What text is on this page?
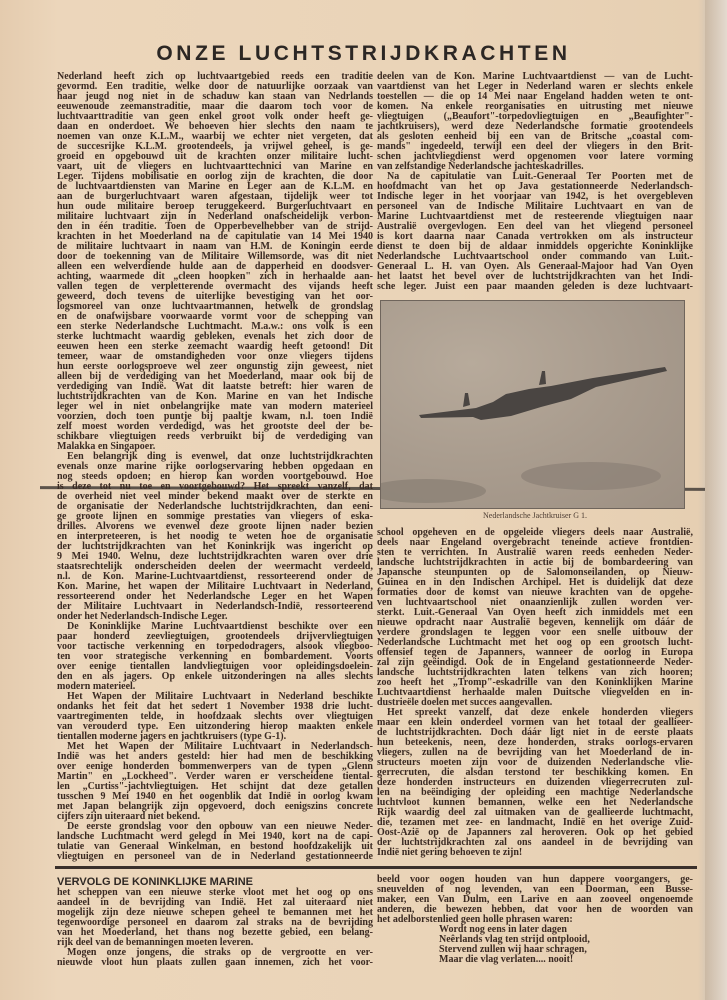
ONZE LUCHTSTRIJDKRACHTEN
Nederland heeft zich op luchtvaartgebied reeds een traditie
gevormd. Een traditie, welke door de natuurlijke oorzaak van
haar jeugd nog niet in de schaduw kan staan van Nedrlands
eeuwenoude zeemanstraditie, maar die daarom toch voor de
luchtvaarttraditie van geen enkel groot volk onder heeft ge-
daan en onderdoet. We behoeven hier slechts den naam te
noemen van onze K.L.M., waarbij we echter niet vergeten, dat
de succesrijke K.L.M. grootendeels, ja vrijwel geheel, is ge-
groeid en opgebouwd uit de krachten onzer militaire lucht-
vaart, uit de vliegers en luchtvaarttechnici van Marine en
Leger. Tijdens mobilisatie en oorlog zijn de krachten, die door
de luchtvaartdiensten van Marine en Leger aan de K.L.M. en
aan de burgerluchtvaart waren afgestaan, tijdelijk weer tot
hun oude militaire beroep teruggekeerd. Burgerluchtvaart en
militaire luchtvaart zijn in Nederland onafscheidelijk verbon-
den in één traditie. Toen de Opperbevelhebber van de strijd-
krachten in het Moederland na de capitulatie van 14 Mei 1940
de militaire luchtvaart in naam van H.M. de Koningin eerde
door de toekenning van de Militaire Willemsorde, was dit niet
alleen een welverdiende hulde aan de dapperheid en doodsver-
achting, waarmede dit „cleen hoopken" zich in herhaalde aan-
vallen tegen de verpletterende overmacht des vijands heeft
geweerd, doch tevens de uiterlijke bevestiging van het oor-
logsmoreel van onze luchtvaartmannen, hetwelk de grondslag
en de onafwijsbare voorwaarde vormt voor de schepping van
een sterke Nederlandsche Luchtmacht. M.a.w.: ons volk is een
sterke luchtmacht waardig gebleken, evenals het zich door de
eeuwen heen een sterke zeemacht waardig heeft getoond! Dit
temeer, waar de omstandigheden voor onze vliegers tijdens
hun eerste oorlogsproeve wel zeer ongunstig zijn geweest, niet
alleen bij de verdediging van het Moederland, maar ook bij de
verdediging van Indië. Wat dit laatste betreft: hier waren de
luchtstrijdkrachten van de Kon. Marine en van het Indische
leger wel in niet onbelangrijke mate van modern materieel
voorzien, doch toen puntje bij paaltje kwam, n.l. toen Indië
zelf moest worden verdedigd, was het grootste deel der be-
schikbare vliegtuigen reeds verbruikt bij de verdediging van
Malakka en Singapoer.
Een belangrijk ding is evenwel, dat onze luchtstrijdkrachten
evenals onze marine rijke oorlogservaring hebben opgedaan en
nog steeds opdoen; en hierop kan worden voortgebouwd. Hoe
is deze tot nu toe en voortgebouwd? Het spreekt vanzelf, dat
de overheid niet veel minder bekend maakt over de sterkte en
de organisatie der Nederlandsche luchtstrijdkrachten, dan eeni-
ge groote lijnen en sommige prestaties van vliegers of eska-
drilles. Alvorens we evenwel deze groote lijnen nader bezien
en interpreteeren, is het noodig te weten hoe de organisatie
der luchtstrijdkrachten van het Koninkrijk was ingericht op
9 Mei 1940. Welnu, deze luchtstrijdkrachten waren over drie
staatsrechtelijk onderscheiden deelen der weermacht verdeeld,
n.l. de Kon. Marine-Luchtvaartdienst, ressorteerend onder de
Kon. Marine, het wapen der Militaire Luchtvaart in Nederland,
ressorteerend onder het Nederlandsche Leger en het Wapen
der Militaire Luchtvaart in Nederlandsch-Indië, ressorteerend
onder het Nederlandsch-Indische Leger.
De Koninklijke Marine Luchtvaartdienst beschikte over een
paar honderd zeevliegtuigen, grootendeels drijvervliegtuigen
voor tactische verkenning en torpedodragers, alsook vliegboo-
ten voor strategische verkenning en bombardement. Voorts
over eenige tientallen landvliegtuigen voor opleidingsdoelein-
den en als jagers. Op enkele uitzonderingen na alles slechts
modern materieel.
Het Wapen der Militaire Luchtvaart in Nederland beschikte
ondanks het feit dat het sedert 1 November 1938 drie lucht-
vaartregimenten telde, in hoofdzaak slechts over vliegtuigen
van verouderd type. Een uitzondering hierop maakten enkele
tientallen moderne jagers en jachtkruisers (type G-1).
Met het Wapen der Militaire Luchtvaart in Nederlandsch-
Indië was het anders gesteld: hier had men de beschikking
over eenige honderden bommenwerpers van de typen „Glenn
Martin" en „Lockheed". Verder waren er verscheidene tiental-
len „Curtiss"-jachtvliegtuigen. Het schijnt dat deze getallen
tusschen 9 Mei 1940 en het oogenblik dat Indië in oorlog kwam
met Japan belangrijk zijn opgevoerd, doch eenigszins concrete
cijfers zijn uiteraard niet bekend.
De eerste grondslag voor den opbouw van een nieuwe Neder-
landsche Luchtmacht werd gelegd in Mei 1940, kort na de capi-
tulatie van Generaal Winkelman, en bestond hoofdzakelijk uit
vliegtuigen en personeel van de in Nederland gestationneerde
deelen van de Kon. Marine Luchtvaartdienst — van de Lucht-
vaartdienst van het Leger in Nederland waren er slechts enkele
toestellen — die op 14 Mei naar Engeland hadden weten te ont-
komen. Na enkele reorganisaties en uitrusting met nieuwe
vliegtuigen („Beaufort"-torpedovliegtuigen en „Beaufighter"-
jachtkruisers), werd deze Nederlandsche formatie grootendeels
als gesloten eenheid bij een van de Britsche „coastal com-
mands" ingedeeld, terwijl een deel der vliegers in den Brit-
schen jachtvliegdienst werd opgenomen voor latere vorming
van zelfstandige Nederlandsche jachteskadrilles.
Na de capitulatie van Luit.-Generaal Ter Poorten met de
hoofdmacht van het op Java gestationneerde Nederlandsch-
Indische leger in het voorjaar van 1942, is het overgebleven
personeel van de Indische Militaire Luchtvaart en van de
Marine Luchtvaartdienst met de resteerende vliegtuigen naar
Australië overgevlogen. Een deel van het vliegend personeel
is kort daarna naar Canada vertrokken om als instructeur
dienst te doen bij de aldaar inmiddels opgerichte Koninklijke
Nederlandsche Luchtvaartschool onder commando van Luit.-
Generaal L. H. van Oyen. Als Generaal-Majoor had Van Oyen
het laatst het bevel over de luchtstrijdkrachten van het Indi-
sche leger. Juist een paar maanden geleden is deze luchtvaart-
Nederlandsche Jachtkruiser G 1.
school opgeheven en de opgeleide vliegers deels naar Australië,
deels naar Engeland overgebracht teneinde actieve frontdien-
sten te verrichten. In Australië waren reeds eenheden Neder-
landsche luchtstrijdkrachten in actie bij de bombardeering van
Japansche steunpunten op de Salomonseilanden, op Nieuw-
Guinea en in den Indischen Archipel. Het is duidelijk dat deze
formaties door de komst van nieuwe krachten van de opgehe-
ven luchtvaartschool niet onaanzienlijk zullen worden ver-
sterkt. Luit.-Generaal Van Oyen heeft zich inmiddels met een
nieuwe opdracht naar Australië begeven, kennelijk om dáár de
verdere grondslagen te leggen voor een snelle uitbouw der
Nederlandsche Luchtmacht met het oog op een grootsch lucht-
offensief tegen de Japanners, wanneer de oorlog in Europa
zal zijn geëindigd. Ook de in Engeland gestationneerde Neder-
landsche luchtstrijdkrachten laten telkens van zich hooren;
zoo heeft het „Tromp"-eskadrille van den Koninklijken Marine
Luchtvaartdienst herhaalde malen Duitsche vliegvelden en in-
dustrieële doelen met succes aangevallen.
Het spreekt vanzelf, dat deze enkele honderden vliegers
maar een klein onderdeel vormen van het totaal der geallieer-
de luchtstrijdkrachten. Doch dáár ligt niet in de eerste plaats
hun beteekenis, neen, deze honderden, straks oorlogs-ervaren
vliegers, zullen na de bevrijding van het Moederland de in-
structeurs moeten zijn voor de duizenden Nederlandsche vlie-
gerrecruten, die alsdan terstond ter beschikking komen. En
deze honderden instructeurs en duizenden vliegerrecruten zul-
len na beëindiging der opleiding een machtige Nederlandsche
luchtvloot kunnen bemannen, welke een het Nederlandsche
Rijk waardig deel zal uitmaken van de geallieerde luchtmacht,
die, tezamen met zee- en landmacht, Indië en het overige Zuid-
Oost-Azië op de Japanners zal heroveren. Ook op het gebied
der luchtstrijdkrachten zal ons aandeel in de bevrijding van
Indië niet gering behoeven te zijn!
VERVOLG DE KONINKLIJKE MARINE
het scheppen van een nieuwe sterke vloot met het oog op ons
aandeel in de bevrijding van Indië. Het zal uiteraard niet
mogelijk zijn deze nieuwe schepen geheel te bemannen met het
tegenwoordige personeel en daarom zal straks na de bevrijding
van het Moederland, het thans nog bezette gebied, een belang-
rijk deel van de bemanningen moeten leveren.
Mogen onze jongens, die straks op de vergrootte en ver-
nieuwde vloot hun plaats zullen gaan innemen, zich het voor-
beeld voor oogen houden van hun dappere voorgangers, ge-
sneuvelden of nog levenden, van een Doorman, een Busse-
maker, een Van Dulm, een Larive en aan zooveel ongenoemde
anderen, die bewezen hebben, dat voor hen de woorden van
het adelborstenlied geen holle phrasen waren:
Wordt nog eens in later dagen
Neêrlands vlag ten strijd ontplooid,
Stervend zullen wij haar schragen,
Maar die vlag verlaten.... nooit!
